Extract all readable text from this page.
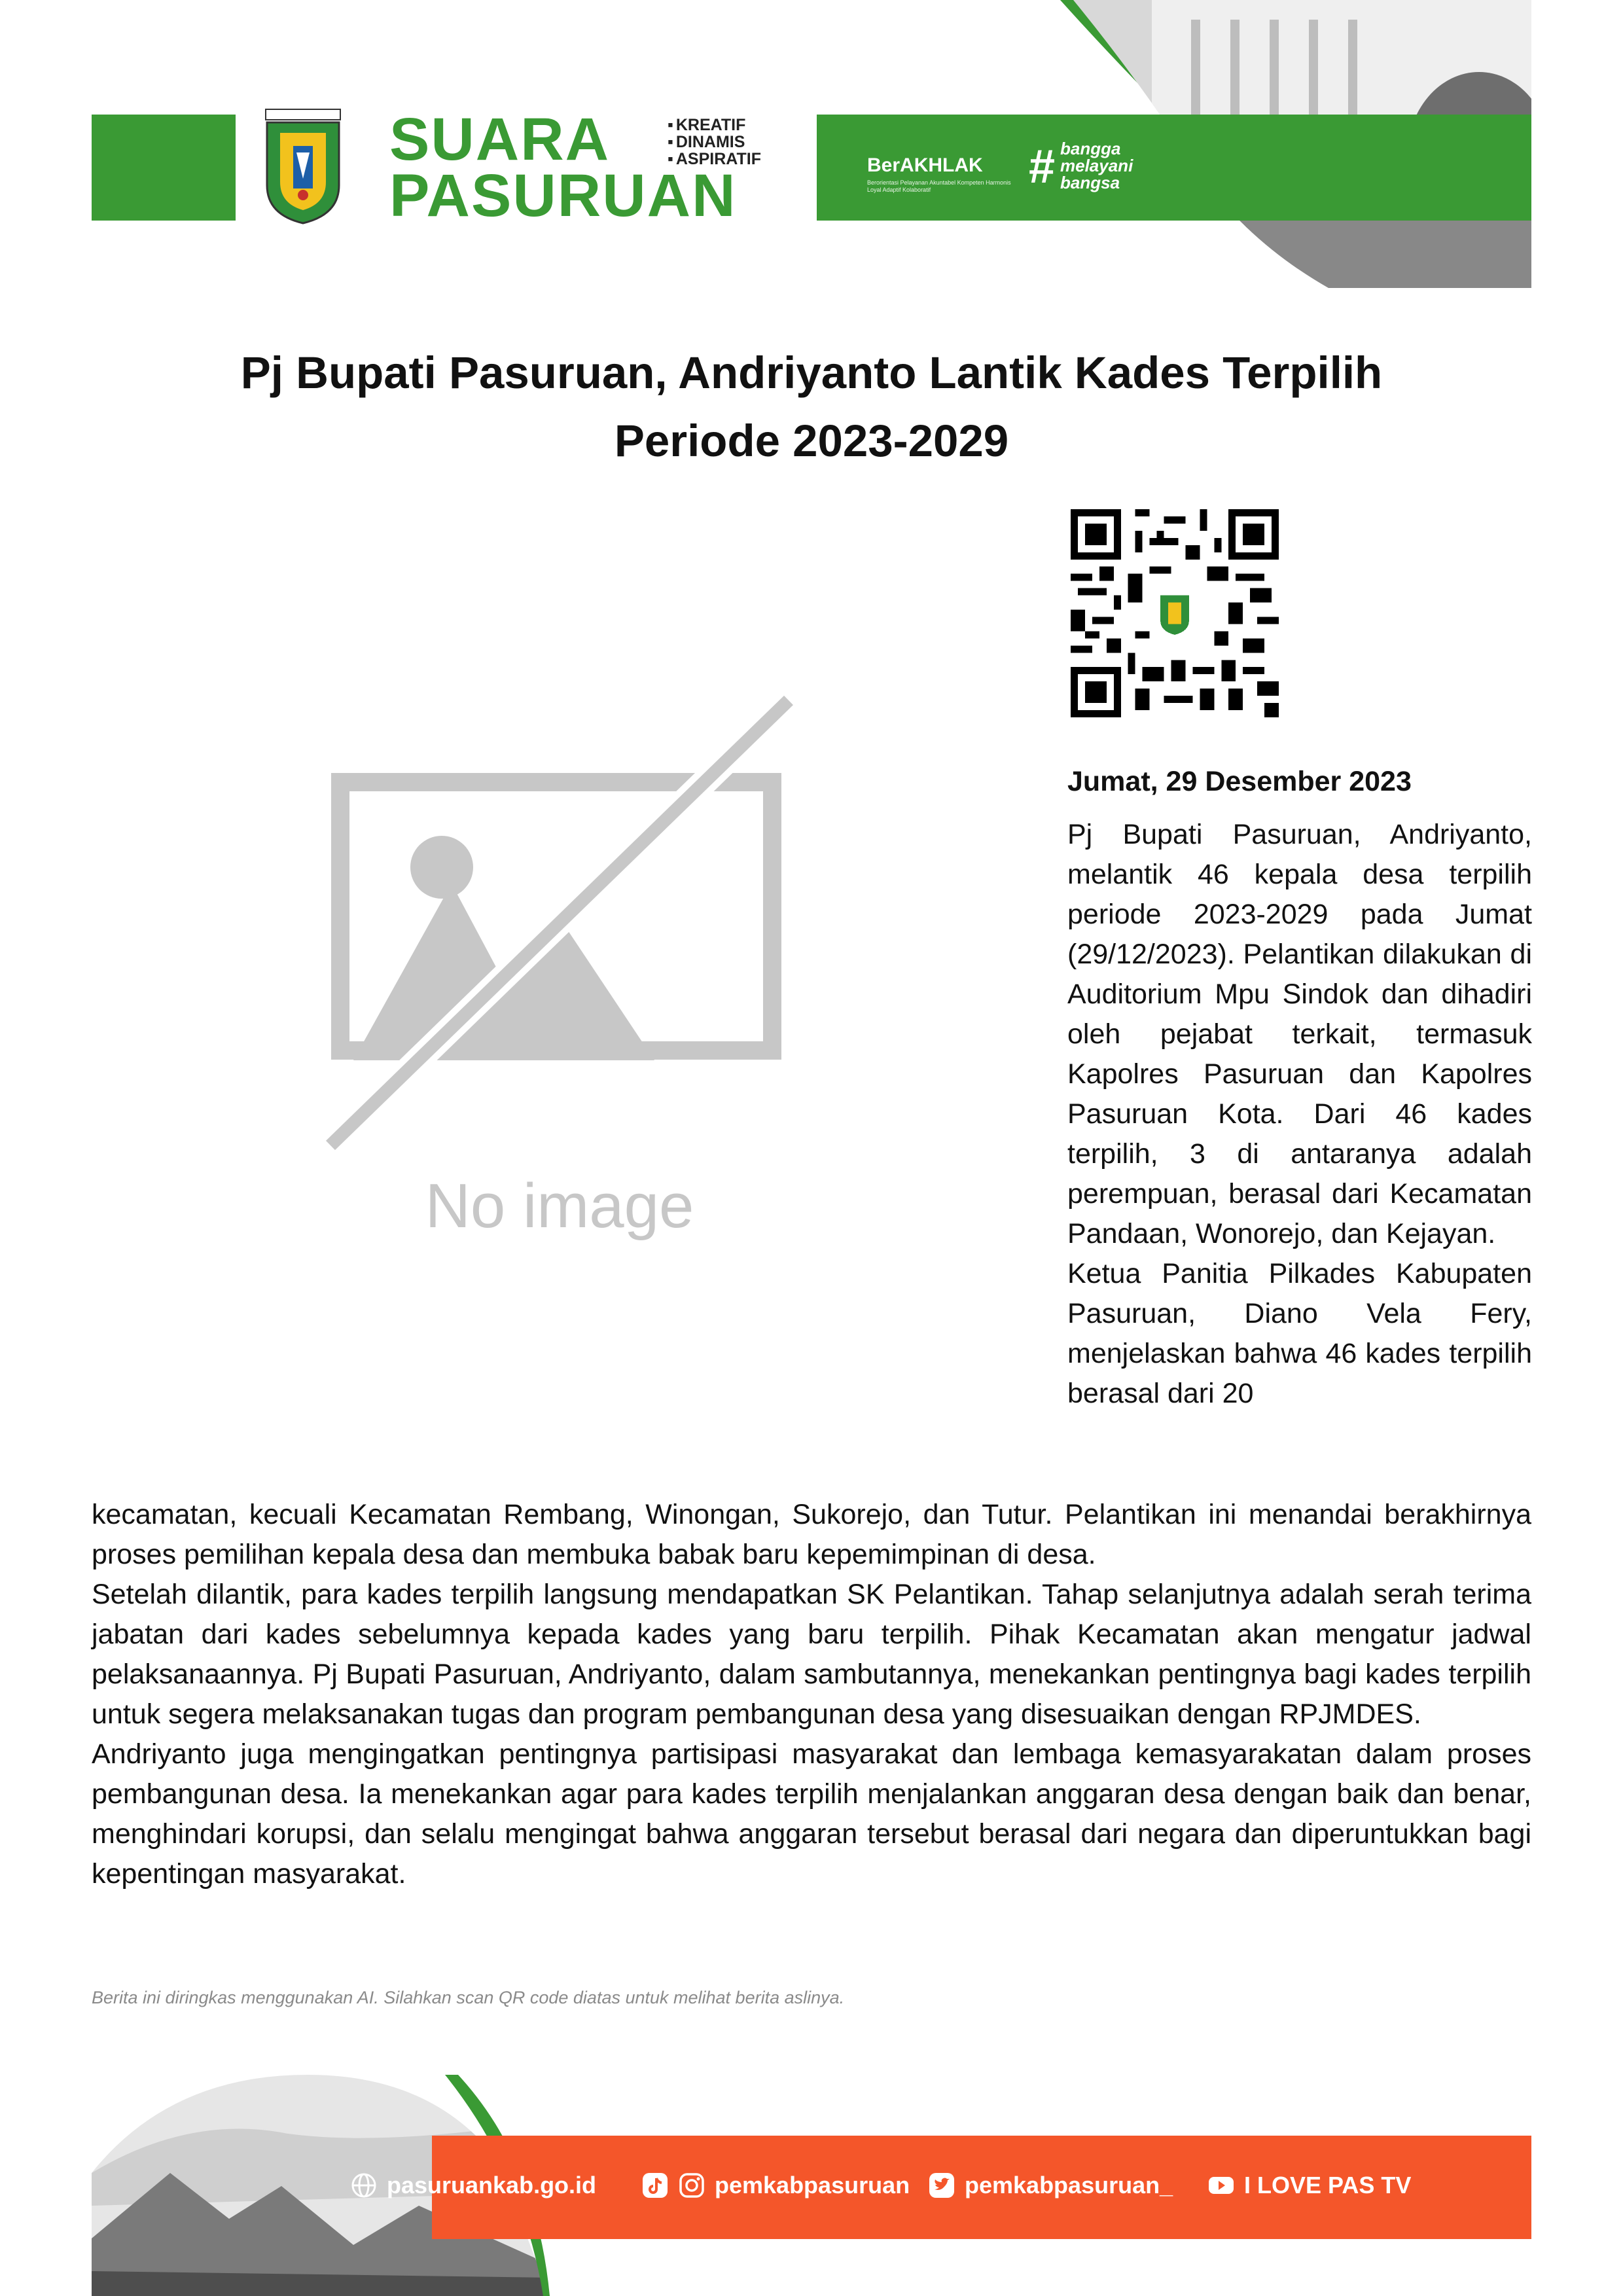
SUARA
PASURUAN
▪ KREATIF
▪ DINAMIS
▪ ASPIRATIF	BerAKHLAK
Berorientasi Pelayanan Akuntabel Kompeten Harmonis Loyal Adaptif Kolaboratif	# bangga
melayani
bangsa
Pj Bupati Pasuruan, Andriyanto Lantik Kades Terpilih
Periode 2023-2029
No image
Jumat, 29 Desember 2023

Pj Bupati Pasuruan, Andriyanto, melantik 46 kepala desa terpilih periode 2023-2029 pada Jumat (29/12/2023). Pelantikan dilakukan di Auditorium Mpu Sindok dan dihadiri oleh pejabat terkait, termasuk Kapolres Pasuruan dan Kapolres Pasuruan Kota. Dari 46 kades terpilih, 3 di antaranya adalah perempuan, berasal dari Kecamatan Pandaan, Wonorejo, dan Kejayan.

Ketua Panitia Pilkades Kabupaten Pasuruan, Diano Vela Fery, menjelaskan bahwa 46 kades terpilih berasal dari 20

kecamatan, kecuali Kecamatan Rembang, Winongan, Sukorejo, dan Tutur. Pelantikan ini menandai berakhirnya proses pemilihan kepala desa dan membuka babak baru kepemimpinan di desa.

Setelah dilantik, para kades terpilih langsung mendapatkan SK Pelantikan. Tahap selanjutnya adalah serah terima jabatan dari kades sebelumnya kepada kades yang baru terpilih. Pihak Kecamatan akan mengatur jadwal pelaksanaannya. Pj Bupati Pasuruan, Andriyanto, dalam sambutannya, menekankan pentingnya bagi kades terpilih untuk segera melaksanakan tugas dan program pembangunan desa yang disesuaikan dengan RPJMDES.

Andriyanto juga mengingatkan pentingnya partisipasi masyarakat dan lembaga kemasyarakatan dalam proses pembangunan desa. Ia menekankan agar para kades terpilih menjalankan anggaran desa dengan baik dan benar, menghindari korupsi, dan selalu mengingat bahwa anggaran tersebut berasal dari negara dan diperuntukkan bagi kepentingan masyarakat.

Berita ini diringkas menggunakan AI. Silahkan scan QR code diatas untuk melihat berita aslinya.
pasuruankab.go.id	pemkabpasuruan pemkabpasuruan_	I LOVE PAS TV
